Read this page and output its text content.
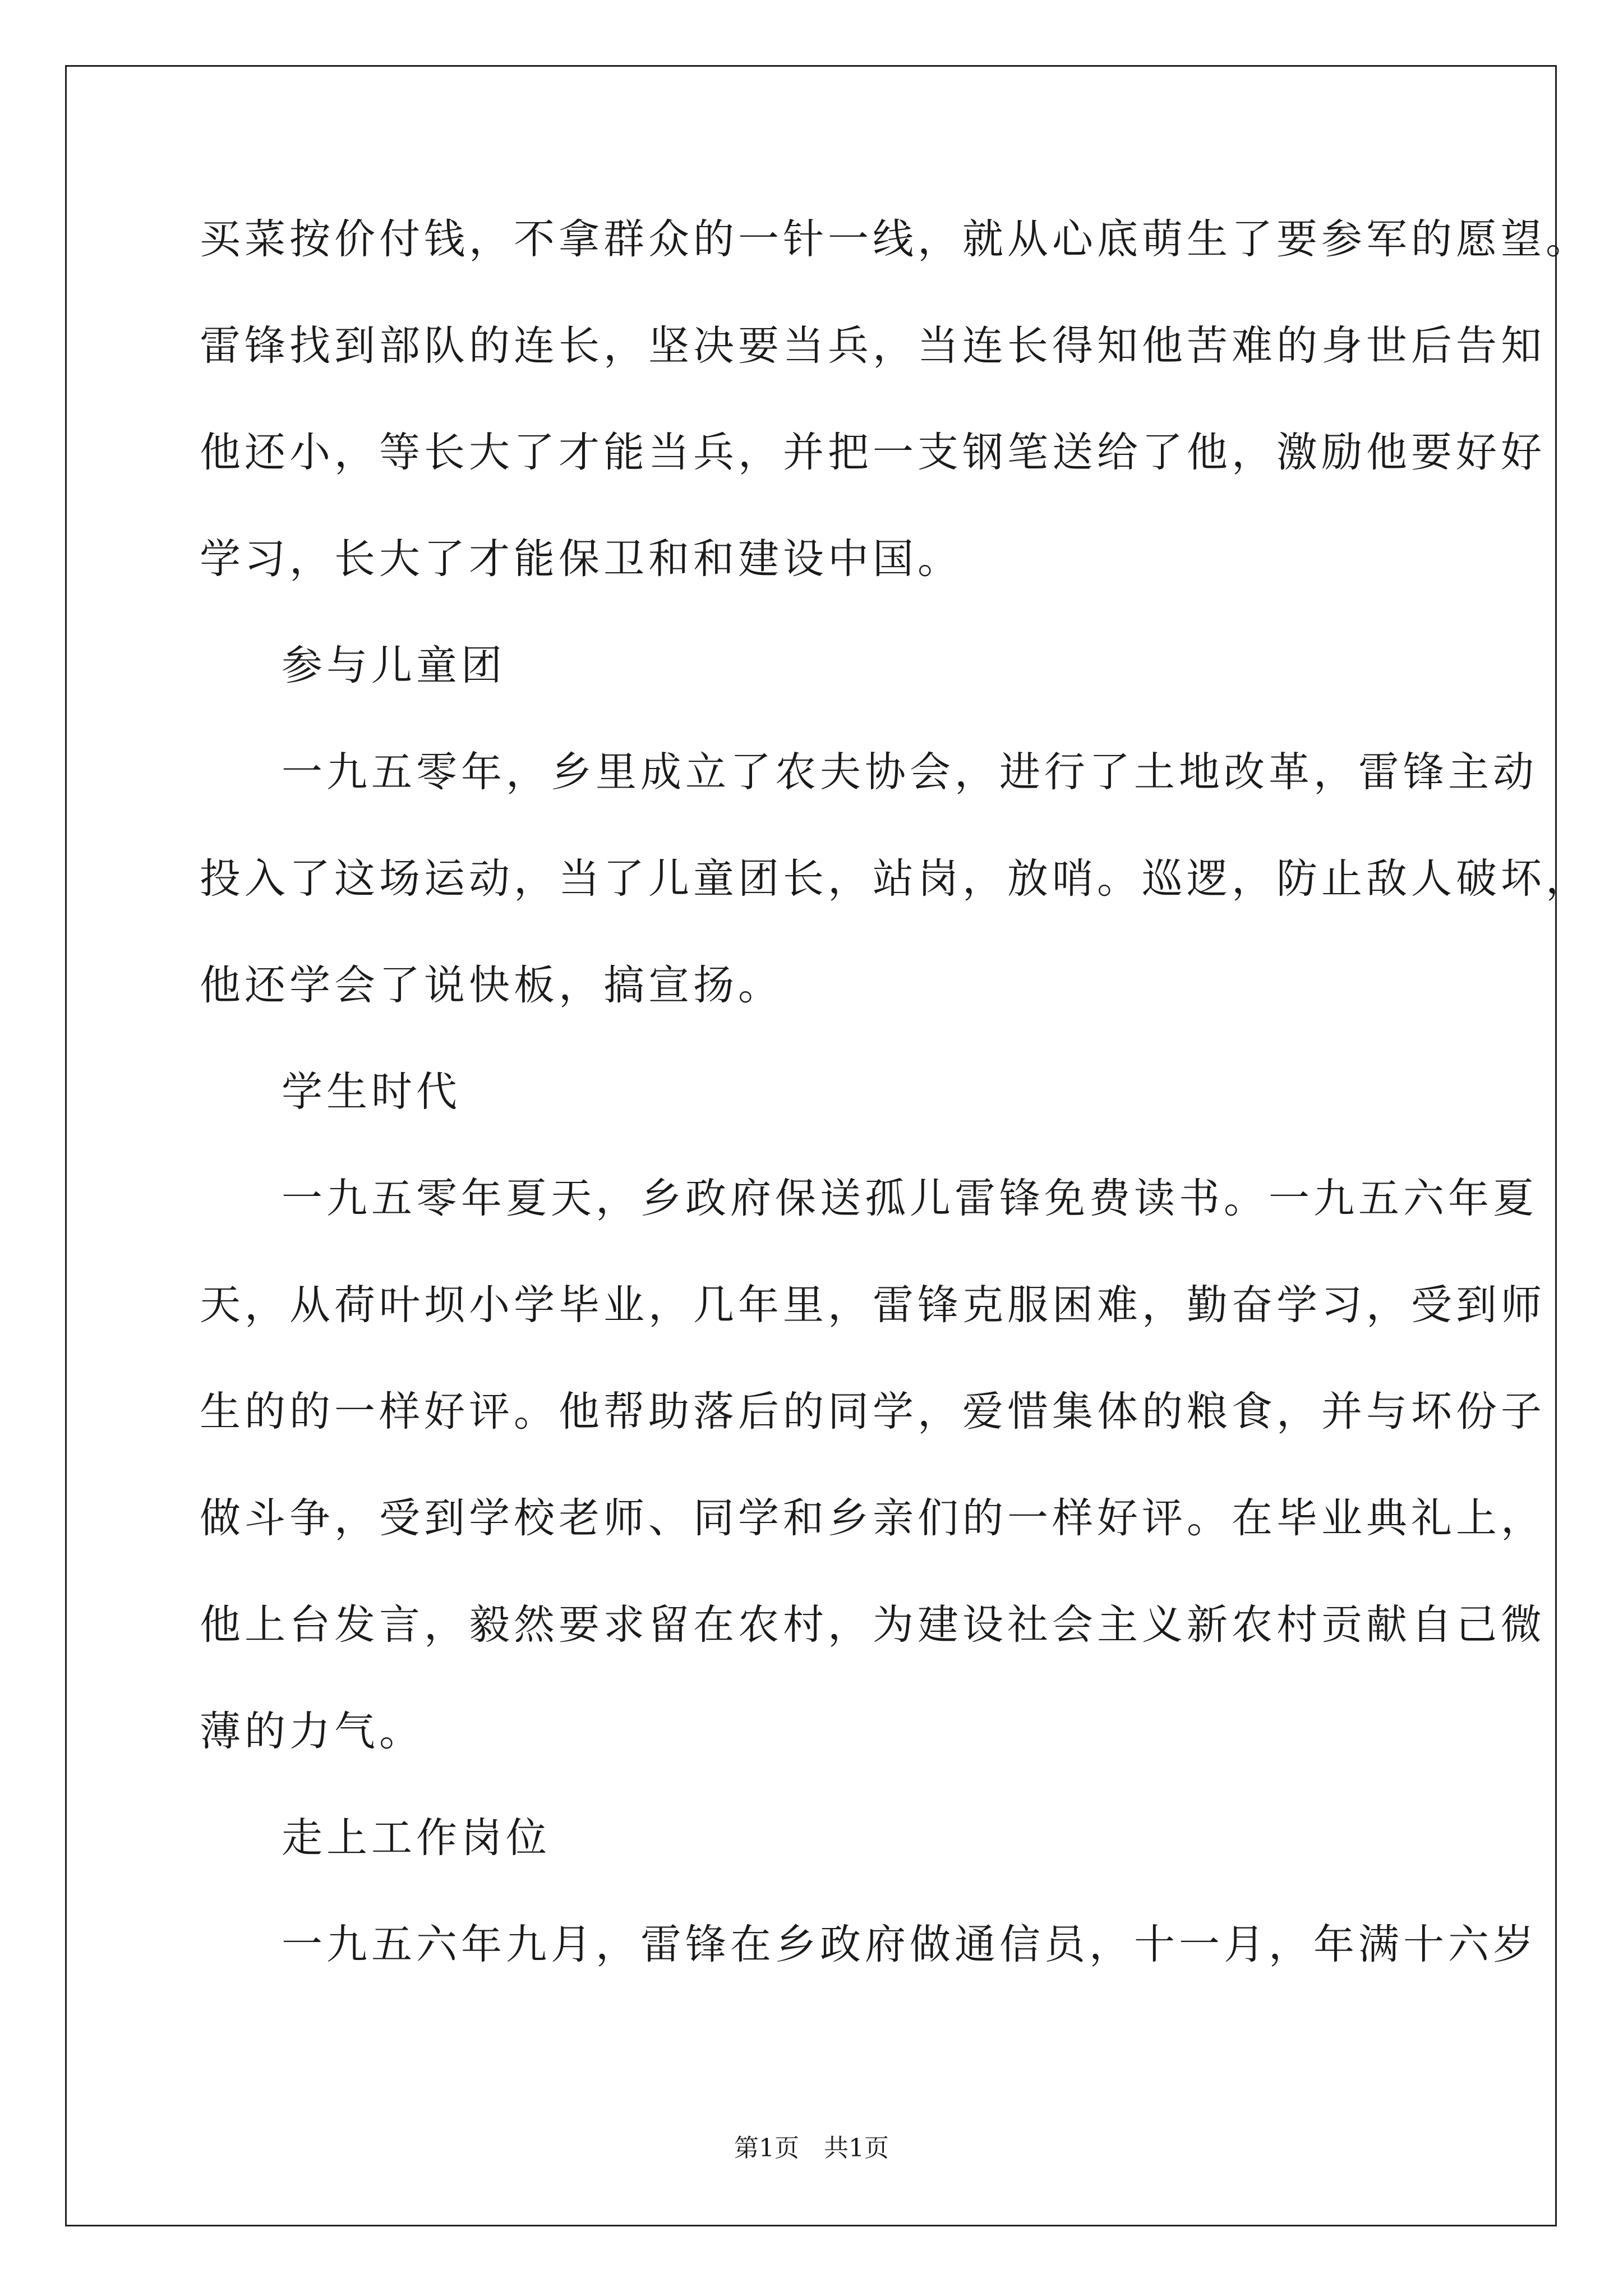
买菜按价付钱，不拿群众的一针一线，就从心底萌生了要参军的愿望。
雷锋找到部队的连长，坚决要当兵，当连长得知他苦难的身世后告知
他还小，等长大了才能当兵，并把一支钢笔送给了他，激励他要好好
学习，长大了才能保卫和和建设中国。
参与儿童团
一九五零年，乡里成立了农夫协会，进行了土地改革，雷锋主动
投入了这场运动，当了儿童团长，站岗，放哨。巡逻，防止敌人破坏，
他还学会了说快板，搞宣扬。
学生时代
一九五零年夏天，乡政府保送孤儿雷锋免费读书。一九五六年夏
天，从荷叶坝小学毕业，几年里，雷锋克服困难，勤奋学习，受到师
生的的一样好评。他帮助落后的同学，爱惜集体的粮食，并与坏份子
做斗争，受到学校老师、同学和乡亲们的一样好评。在毕业典礼上，
他上台发言，毅然要求留在农村，为建设社会主义新农村贡献自己微
薄的力气。
走上工作岗位
一九五六年九月，雷锋在乡政府做通信员，十一月，年满十六岁
第1页　共1页
